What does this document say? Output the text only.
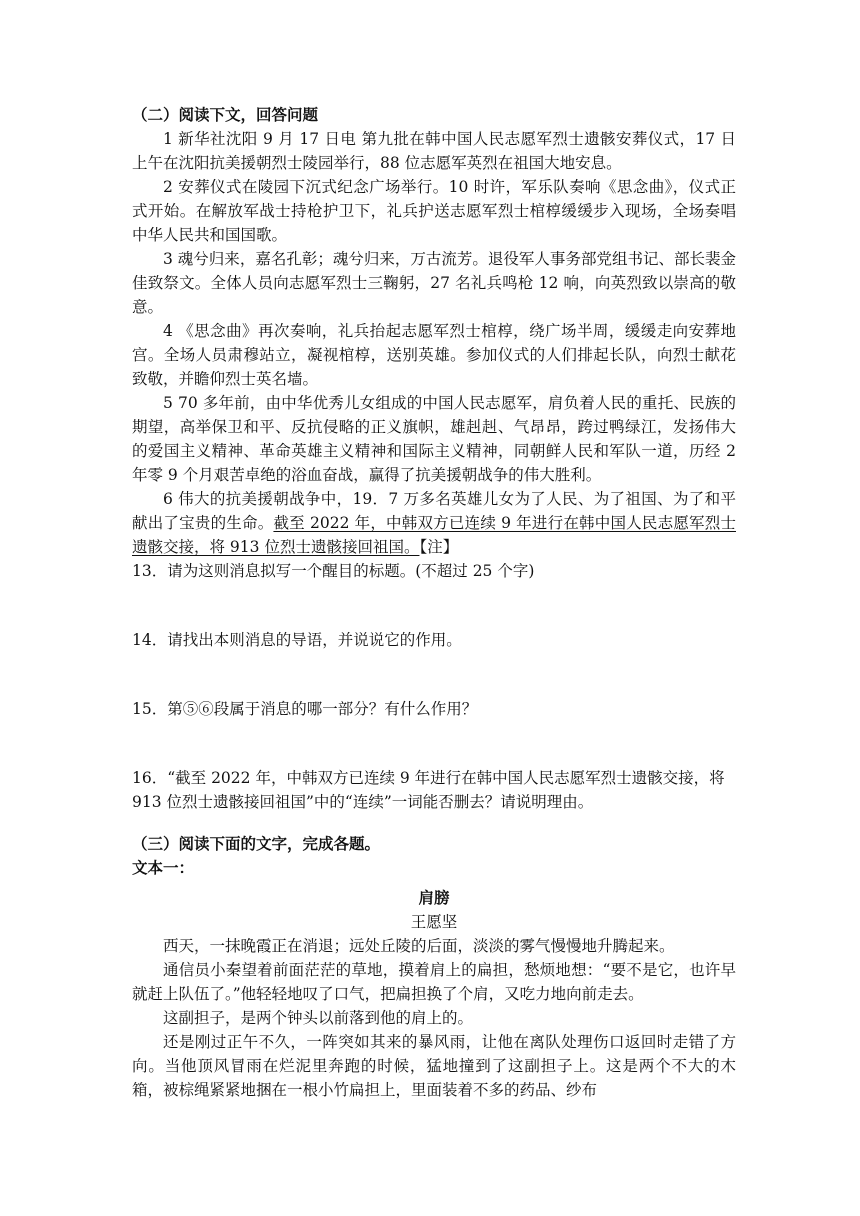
（二）阅读下文，回答问题

1 新华社沈阳 9 月 17 日电 第九批在韩中国人民志愿军烈士遗骸安葬仪式，17 日上午在沈阳抗美援朝烈士陵园举行，88 位志愿军英烈在祖国大地安息。

2 安葬仪式在陵园下沉式纪念广场举行。10 时许，军乐队奏响《思念曲》，仪式正式开始。在解放军战士持枪护卫下，礼兵护送志愿军烈士棺椁缓缓步入现场，全场奏唱中华人民共和国国歌。

3 魂兮归来，嘉名孔彰；魂兮归来，万古流芳。退役军人事务部党组书记、部长裴金佳致祭文。全体人员向志愿军烈士三鞠躬，27 名礼兵鸣枪 12 响，向英烈致以崇高的敬意。

4 《思念曲》再次奏响，礼兵抬起志愿军烈士棺椁，绕广场半周，缓缓走向安葬地宫。全场人员肃穆站立，凝视棺椁，送别英雄。参加仪式的人们排起长队，向烈士献花致敬，并瞻仰烈士英名墙。

5 70 多年前，由中华优秀儿女组成的中国人民志愿军，肩负着人民的重托、民族的期望，高举保卫和平、反抗侵略的正义旗帜，雄赳赳、气昂昂，跨过鸭绿江，发扬伟大的爱国主义精神、革命英雄主义精神和国际主义精神，同朝鲜人民和军队一道，历经 2 年零 9 个月艰苦卓绝的浴血奋战，赢得了抗美援朝战争的伟大胜利。

6 伟大的抗美援朝战争中，19．7 万多名英雄儿女为了人民、为了祖国、为了和平献出了宝贵的生命。截至 2022 年，中韩双方已连续 9 年进行在韩中国人民志愿军烈士遗骸交接，将 913 位烈士遗骸接回祖国。【注】

13．请为这则消息拟写一个醒目的标题。(不超过 25 个字)

14．请找出本则消息的导语，并说说它的作用。

15．第⑤⑥段属于消息的哪一部分？有什么作用？

16．“截至 2022 年，中韩双方已连续 9 年进行在韩中国人民志愿军烈士遗骸交接，将 913 位烈士遗骸接回祖国”中的“连续”一词能否删去？请说明理由。

（三）阅读下面的文字，完成各题。

文本一：

肩膀

王愿坚

西天，一抹晚霞正在消退；远处丘陵的后面，淡淡的雾气慢慢地升腾起来。

通信员小秦望着前面茫茫的草地，摸着肩上的扁担，愁烦地想：“要不是它，也许早就赶上队伍了。”他轻轻地叹了口气，把扁担换了个肩，又吃力地向前走去。

这副担子，是两个钟头以前落到他的肩上的。

还是刚过正午不久，一阵突如其来的暴风雨，让他在离队处理伤口返回时走错了方向。当他顶风冒雨在烂泥里奔跑的时候，猛地撞到了这副担子上。这是两个不大的木箱，被棕绳紧紧地捆在一根小竹扁担上，里面装着不多的药品、纱布
